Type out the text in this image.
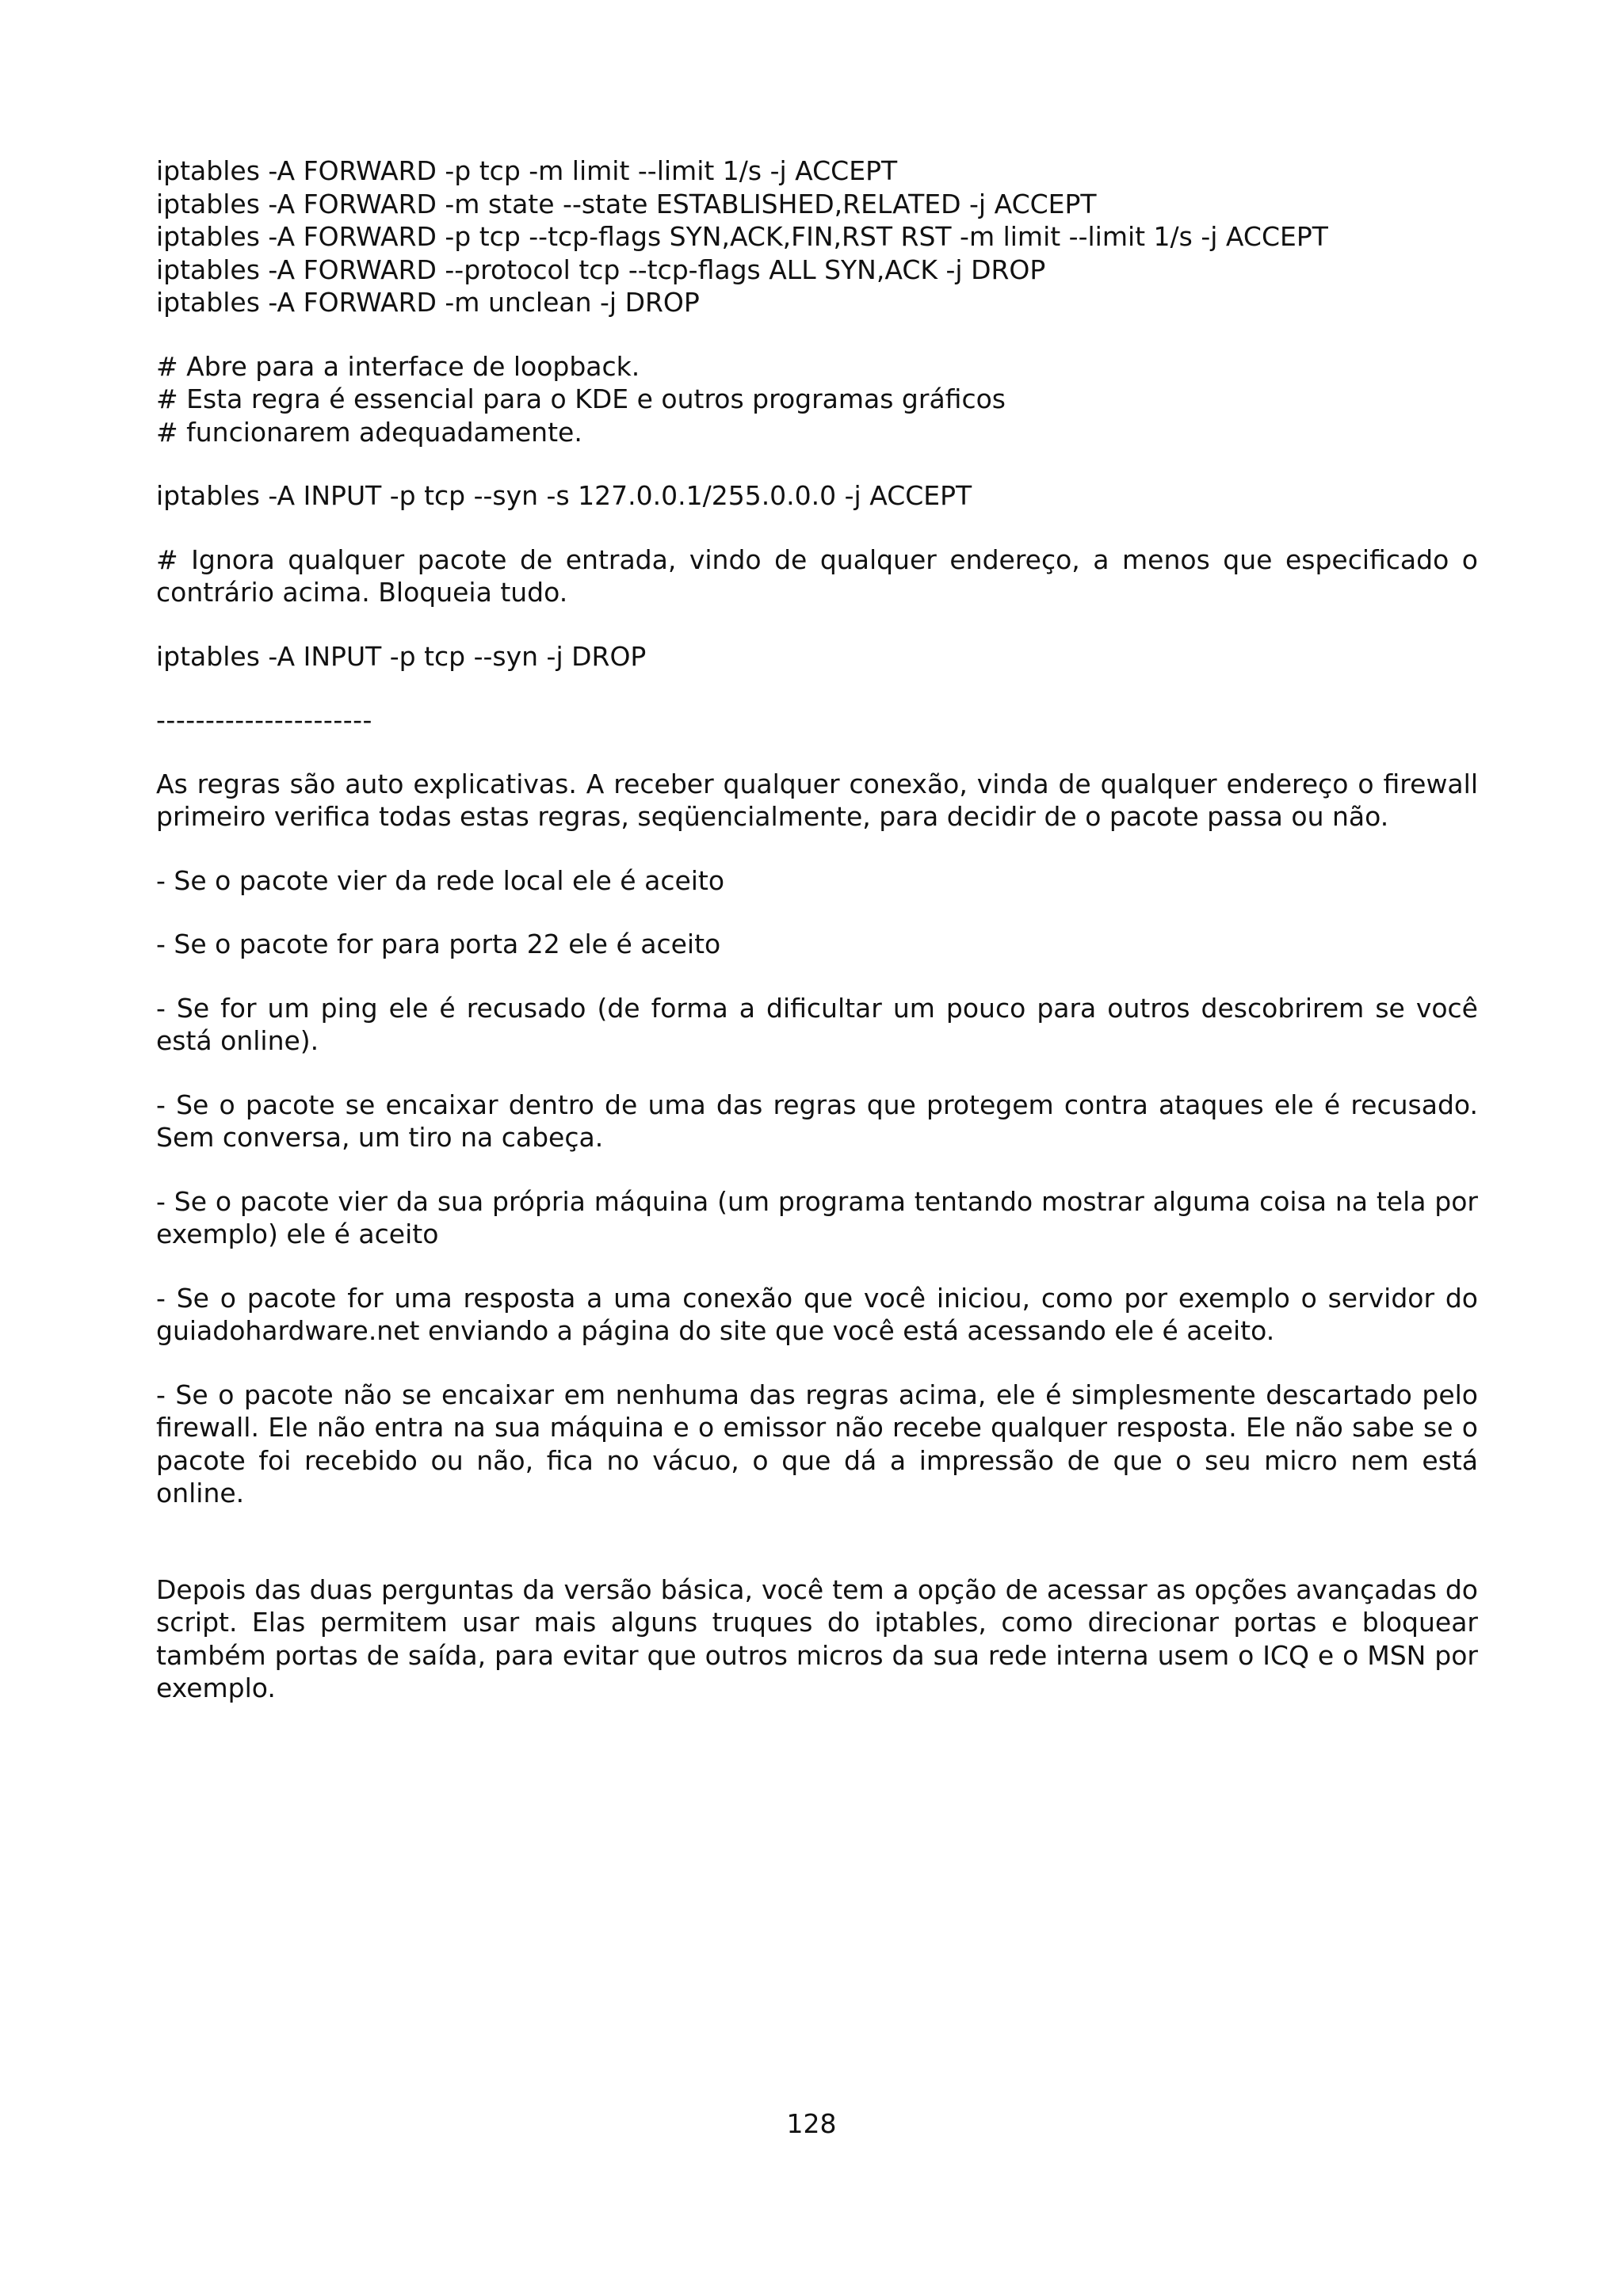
iptables -A FORWARD -p tcp -m limit --limit 1/s -j ACCEPT
iptables -A FORWARD -m state --state ESTABLISHED,RELATED -j ACCEPT
iptables -A FORWARD -p tcp --tcp-flags SYN,ACK,FIN,RST RST -m limit --limit 1/s -j ACCEPT
iptables -A FORWARD --protocol tcp --tcp-flags ALL SYN,ACK -j DROP
iptables -A FORWARD -m unclean -j DROP
# Abre para a interface de loopback.
# Esta regra é essencial para o KDE e outros programas gráficos
# funcionarem adequadamente.
iptables -A INPUT -p tcp --syn -s 127.0.0.1/255.0.0.0 -j ACCEPT
# Ignora qualquer pacote de entrada, vindo de qualquer endereço, a menos que especificado o contrário acima. Bloqueia tudo.
iptables -A INPUT -p tcp --syn -j DROP
----------------------
As regras são auto explicativas. A receber qualquer conexão, vinda de qualquer endereço o firewall primeiro verifica todas estas regras, seqüencialmente, para decidir de o pacote passa ou não.
- Se o pacote vier da rede local ele é aceito
- Se o pacote for para porta 22 ele é aceito
- Se for um ping ele é recusado (de forma a dificultar um pouco para outros descobrirem se você está online).
- Se o pacote se encaixar dentro de uma das regras que protegem contra ataques ele é recusado. Sem conversa, um tiro na cabeça.
- Se o pacote vier da sua própria máquina (um programa tentando mostrar alguma coisa na tela por exemplo) ele é aceito
- Se o pacote for uma resposta a uma conexão que você iniciou, como por exemplo o servidor do guiadohardware.net enviando a página do site que você está acessando ele é aceito.
- Se o pacote não se encaixar em nenhuma das regras acima, ele é simplesmente descartado pelo firewall. Ele não entra na sua máquina e o emissor não recebe qualquer resposta. Ele não sabe se o pacote foi recebido ou não, fica no vácuo, o que dá a impressão de que o seu micro nem está online.
Depois das duas perguntas da versão básica, você tem a opção de acessar as opções avançadas do script. Elas permitem usar mais alguns truques do iptables, como direcionar portas e bloquear também portas de saída, para evitar que outros micros da sua rede interna usem o ICQ e o MSN por exemplo.
128
